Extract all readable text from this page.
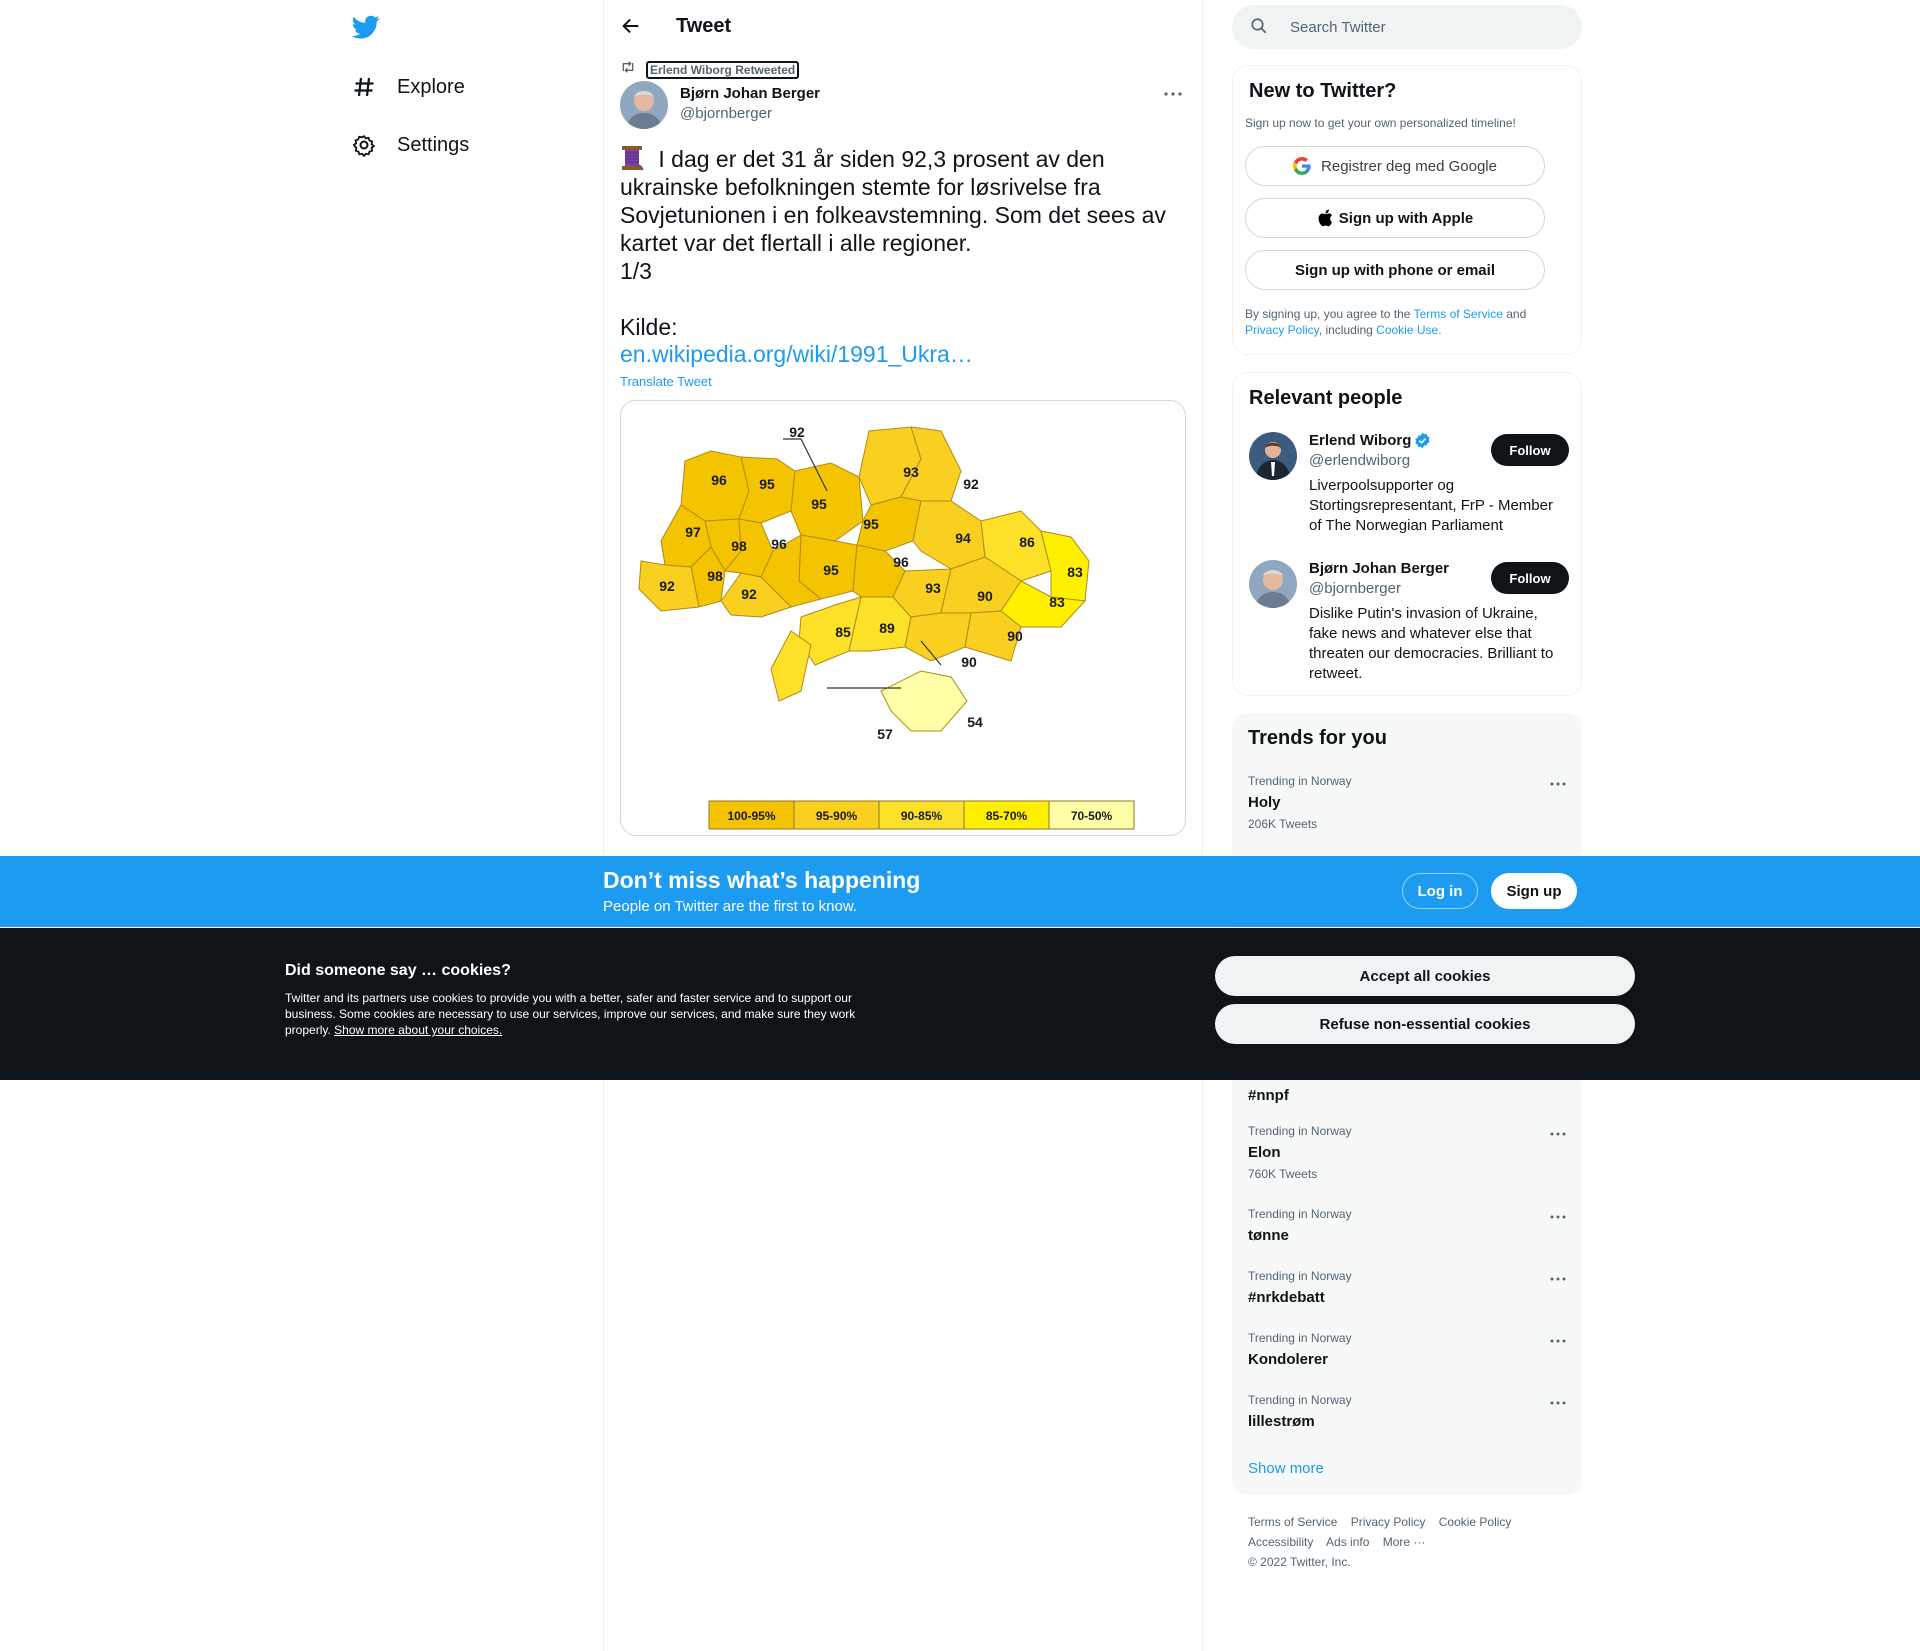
Explore
Settings
Tweet
Erlend Wiborg Retweeted
Bjørn Johan Berger
@bjornberger
I dag er det 31 år siden 92,3 prosent av den
ukrainske befolkningen stemte for løsrivelse fra
Sovjetunionen i en folkeavstemning. Som det sees av
kartet var det flertall i alle regioner.
1/3
Kilde:
en.wikipedia.org/wiki/1991_Ukra…
Translate Tweet
92
96 95
93
92
95
95
97
98 96	94	86
96
83
98	95
93
92	92	90	83
85 89	90
90
54
57
100-95%	95-90%	90-85%	85-70%	70-50%
Search Twitter
New to Twitter?
Sign up now to get your own personalized timeline!
Registrer deg med Google
Sign up with Apple
Sign up with phone or email
By signing up, you agree to the Terms of Service and
Privacy Policy, including Cookie Use.
Relevant people
Erlend Wiborg
@erlendwiborg
Liverpoolsupporter og Stortingsrepresentant, FrP - Member of The Norwegian Parliament
Follow
Bjørn Johan Berger
@bjornberger
Dislike Putin's invasion of Ukraine, fake news and whatever else that threaten our democracies. Brilliant to retweet.
Follow
Trends for you
Trending in Norway
Holy
206K Tweets
#nnpf
Trending in Norway
Elon
760K Tweets
Trending in Norway
tønne
Trending in Norway
#nrkdebatt
Trending in Norway
Kondolerer
Trending in Norway
lillestrøm
Show more
Terms of Service Privacy Policy Cookie Policy
Accessibility Ads info More ···
© 2022 Twitter, Inc.
Don’t miss what’s happening
People on Twitter are the first to know.
Log in	Sign up
Did someone say … cookies?
Twitter and its partners use cookies to provide you with a better, safer and faster service and to support our business. Some cookies are necessary to use our services, improve our services, and make sure they work properly. Show more about your choices.
Accept all cookies
Refuse non-essential cookies
